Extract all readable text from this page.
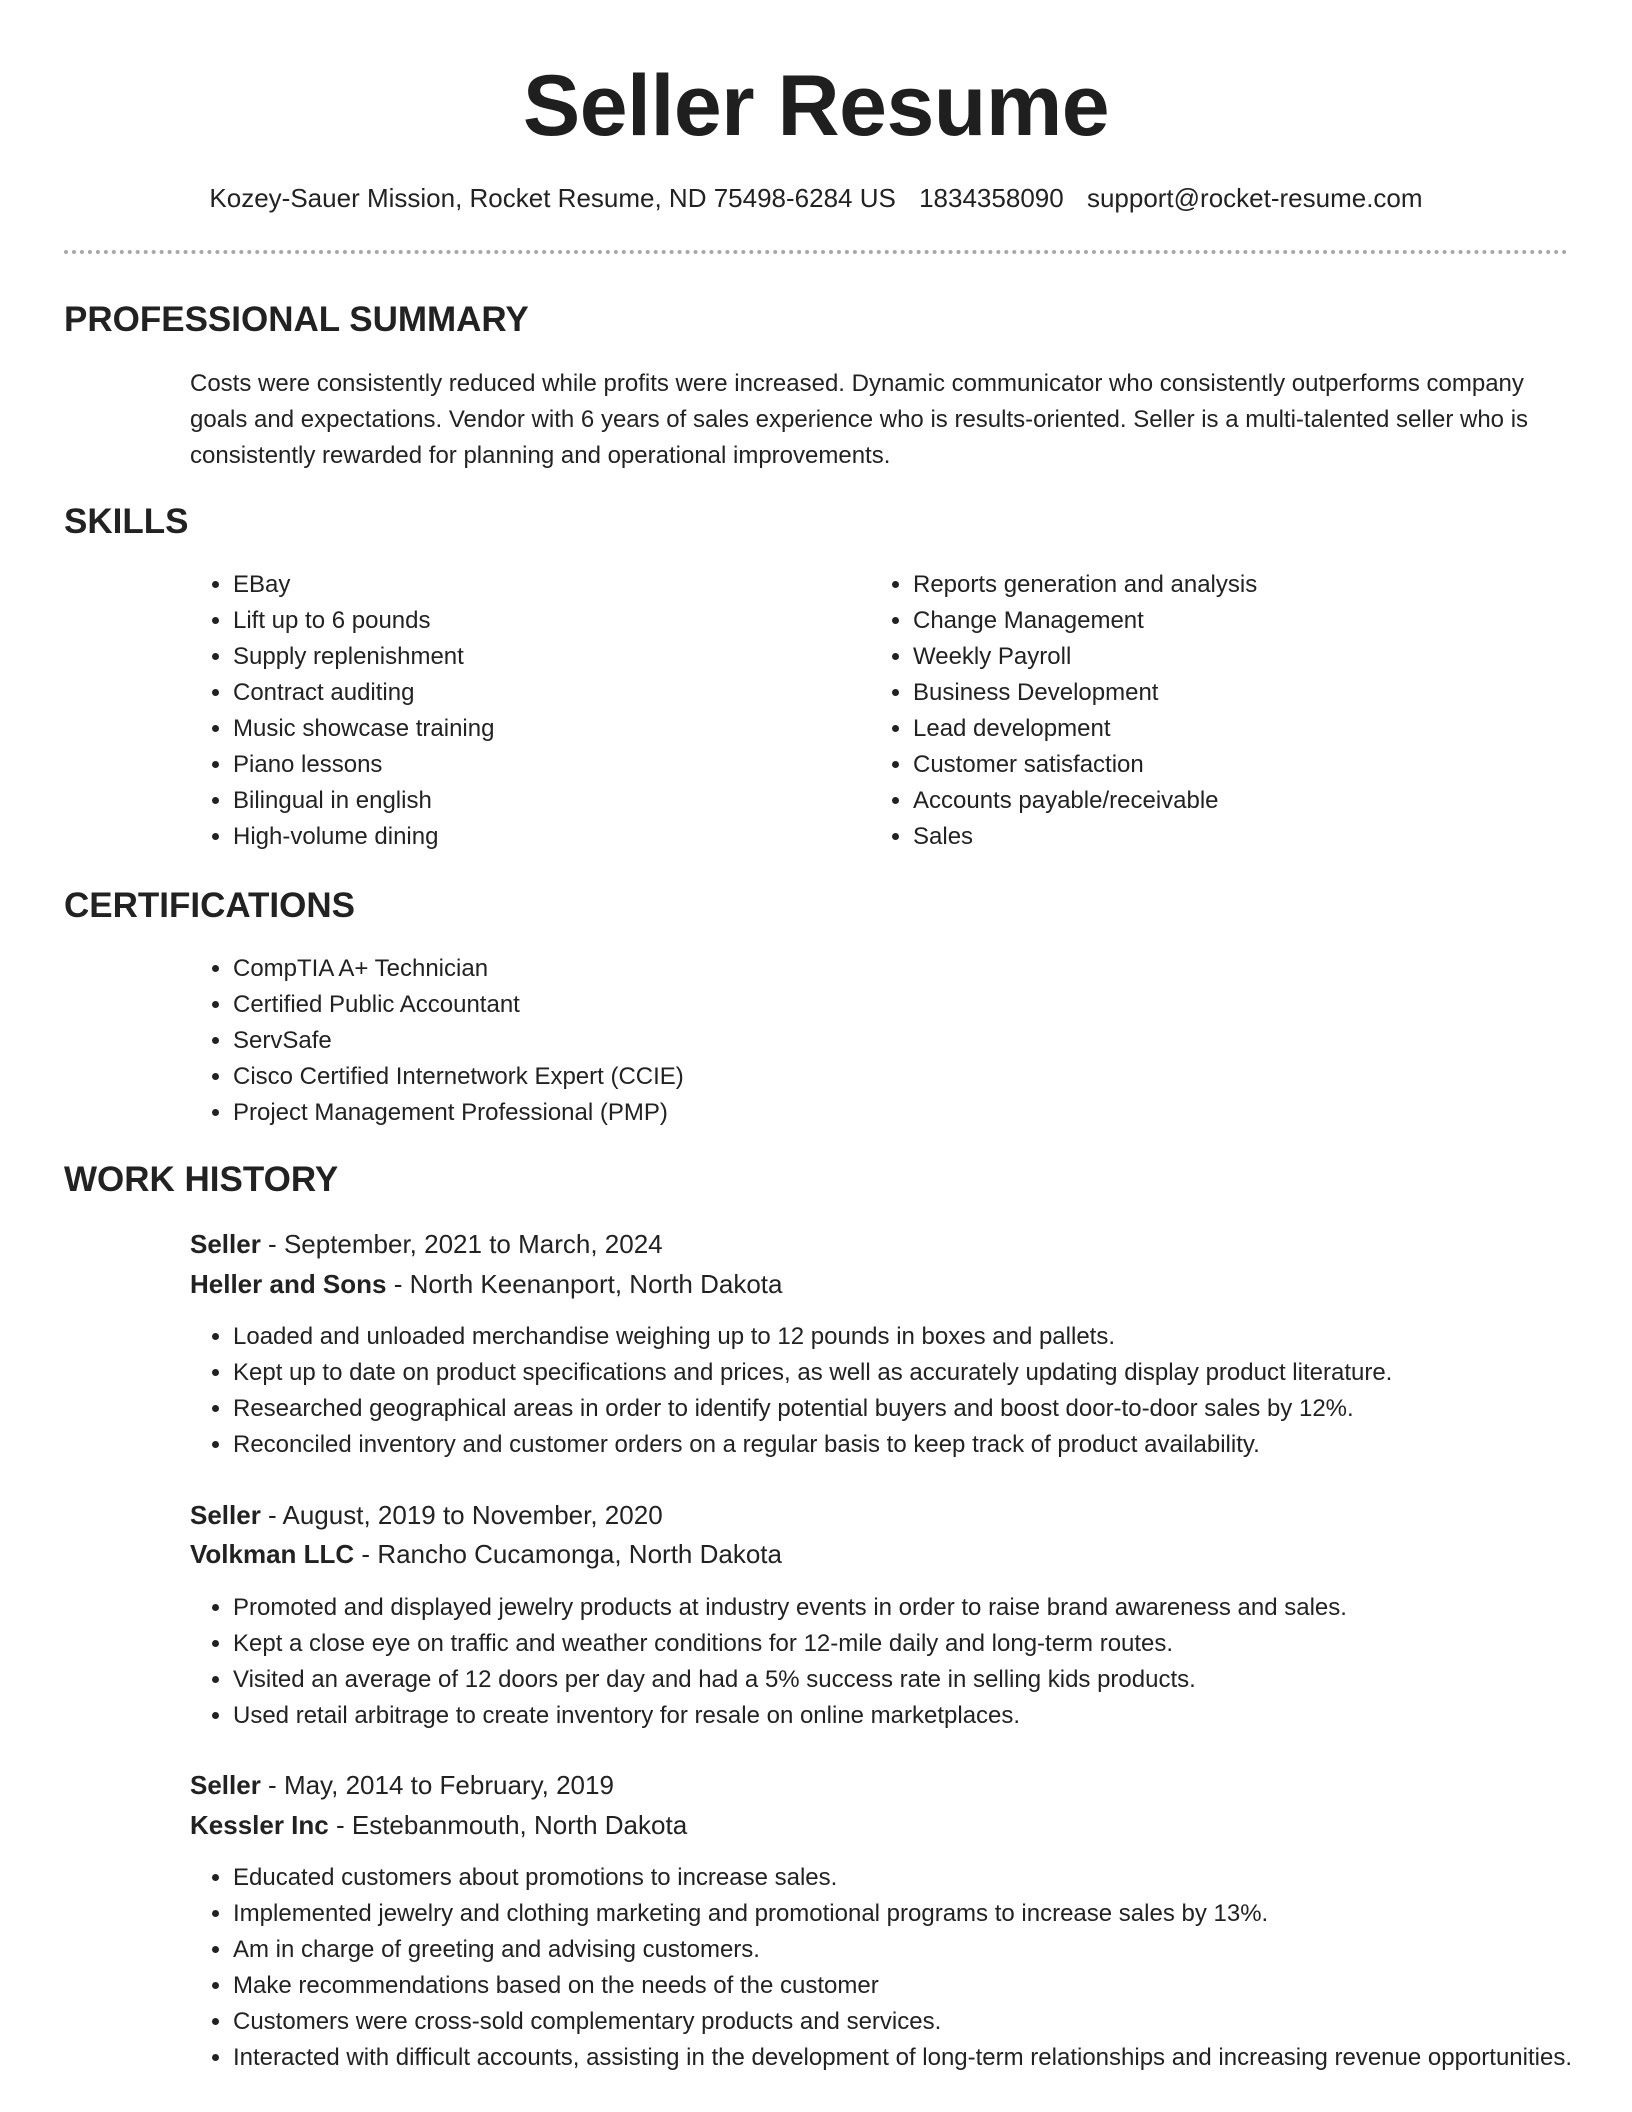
Seller Resume
Kozey-Sauer Mission, Rocket Resume, ND 75498-6284 US 1834358090 support@rocket-resume.com
PROFESSIONAL SUMMARY

Costs were consistently reduced while profits were increased. Dynamic communicator who consistently outperforms company goals and expectations. Vendor with 6 years of sales experience who is results-oriented. Seller is a multi-talented seller who is consistently rewarded for planning and operational improvements.

SKILLS
• EBay
• Lift up to 6 pounds
• Supply replenishment
• Contract auditing
• Music showcase training
• Piano lessons
• Bilingual in english
• High-volume dining
• Reports generation and analysis
• Change Management
• Weekly Payroll
• Business Development
• Lead development
• Customer satisfaction
• Accounts payable/receivable
• Sales
CERTIFICATIONS
• CompTIA A+ Technician
• Certified Public Accountant
• ServSafe
• Cisco Certified Internetwork Expert (CCIE)
• Project Management Professional (PMP)
WORK HISTORY

Seller - September, 2021 to March, 2024

Heller and Sons - North Keenanport, North Dakota

• Loaded and unloaded merchandise weighing up to 12 pounds in boxes and pallets.
• Kept up to date on product specifications and prices, as well as accurately updating display product literature.
• Researched geographical areas in order to identify potential buyers and boost door-to-door sales by 12%.
• Reconciled inventory and customer orders on a regular basis to keep track of product availability.

Seller - August, 2019 to November, 2020

Volkman LLC - Rancho Cucamonga, North Dakota

• Promoted and displayed jewelry products at industry events in order to raise brand awareness and sales.
• Kept a close eye on traffic and weather conditions for 12-mile daily and long-term routes.
• Visited an average of 12 doors per day and had a 5% success rate in selling kids products.
• Used retail arbitrage to create inventory for resale on online marketplaces.

Seller - May, 2014 to February, 2019

Kessler Inc - Estebanmouth, North Dakota

• Educated customers about promotions to increase sales.
• Implemented jewelry and clothing marketing and promotional programs to increase sales by 13%.
• Am in charge of greeting and advising customers.
• Make recommendations based on the needs of the customer
• Customers were cross-sold complementary products and services.
• Interacted with difficult accounts, assisting in the development of long-term relationships and increasing revenue opportunities.
